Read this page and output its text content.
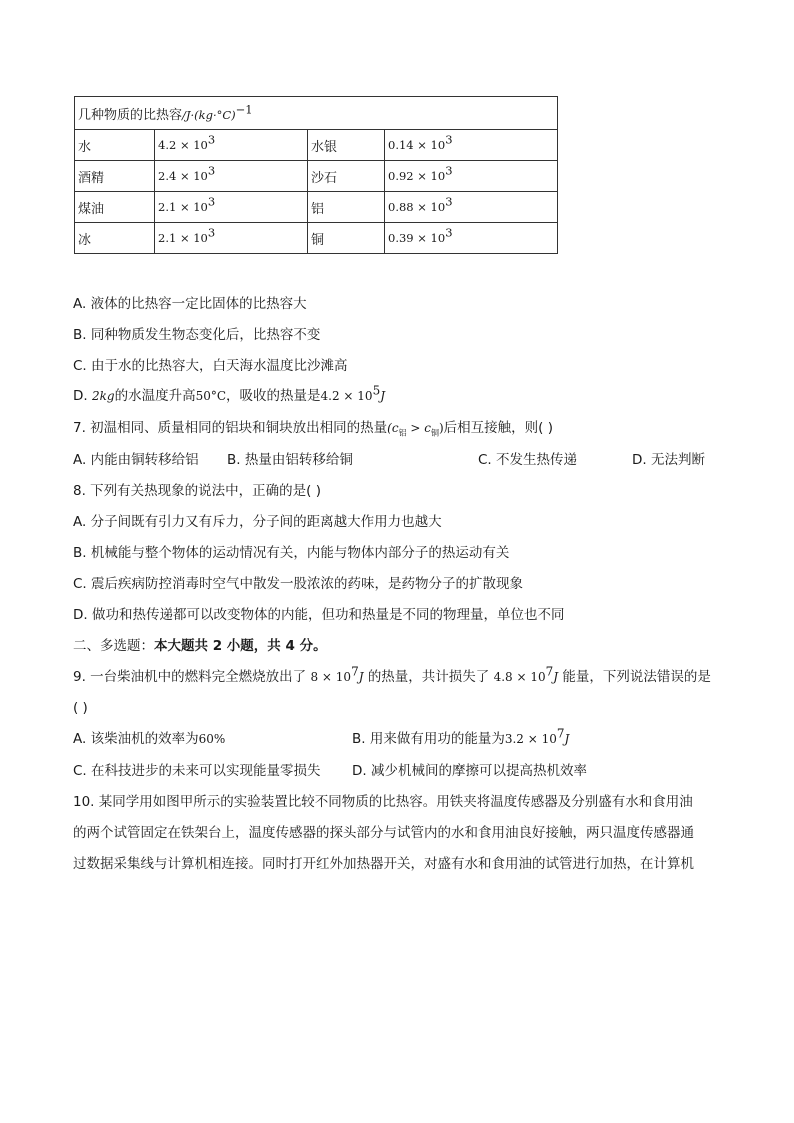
几种物质的比热容$/J\cdot(kg\cdot^\circ C)^{-1}$
水	$4.2 \times 10^3$	水银	$0.14 \times 10^3$
酒精	$2.4 \times 10^3$	沙石	$0.92 \times 10^3$
煤油	$2.1 \times 10^3$	铝	$0.88 \times 10^3$
冰	$2.1 \times 10^3$	铜	$0.39 \times 10^3$
A. 液体的比热容一定比固体的比热容大
B. 同种物质发生物态变化后，比热容不变
C. 由于水的比热容大，白天海水温度比沙滩高
D. 2kg的水温度升高50°C，吸收的热量是$4.2 \times 10^5J$
7. 初温相同、质量相同的铝块和铜块放出相同的热量$(c_铝 > c_铜)$后相互接触，则( )
A. 内能由铜转移给铝 B. 热量由铝转移给铜	C. 不发生热传递	D. 无法判断
8. 下列有关热现象的说法中，正确的是( )
A. 分子间既有引力又有斥力，分子间的距离越大作用力也越大
B. 机械能与整个物体的运动情况有关，内能与物体内部分子的热运动有关
C. 震后疾病防控消毒时空气中散发一股浓浓的药味，是药物分子的扩散现象
D. 做功和热传递都可以改变物体的内能，但功和热量是不同的物理量，单位也不同
二、多选题：本大题共 2 小题，共 4 分。
9. 一台柴油机中的燃料完全燃烧放出了 $8 \times 10^7J$ 的热量，共计损失了 $4.8 \times 10^7J$ 能量，下列说法错误的是
( )
A. 该柴油机的效率为60%	B. 用来做有用功的能量为$3.2 \times 10^7J$
C. 在科技进步的未来可以实现能量零损失 D. 减少机械间的摩擦可以提高热机效率
10. 某同学用如图甲所示的实验装置比较不同物质的比热容。用铁夹将温度传感器及分别盛有水和食用油
的两个试管固定在铁架台上，温度传感器的探头部分与试管内的水和食用油良好接触，两只温度传感器通
过数据采集线与计算机相连接。同时打开红外加热器开关，对盛有水和食用油的试管进行加热，在计算机
